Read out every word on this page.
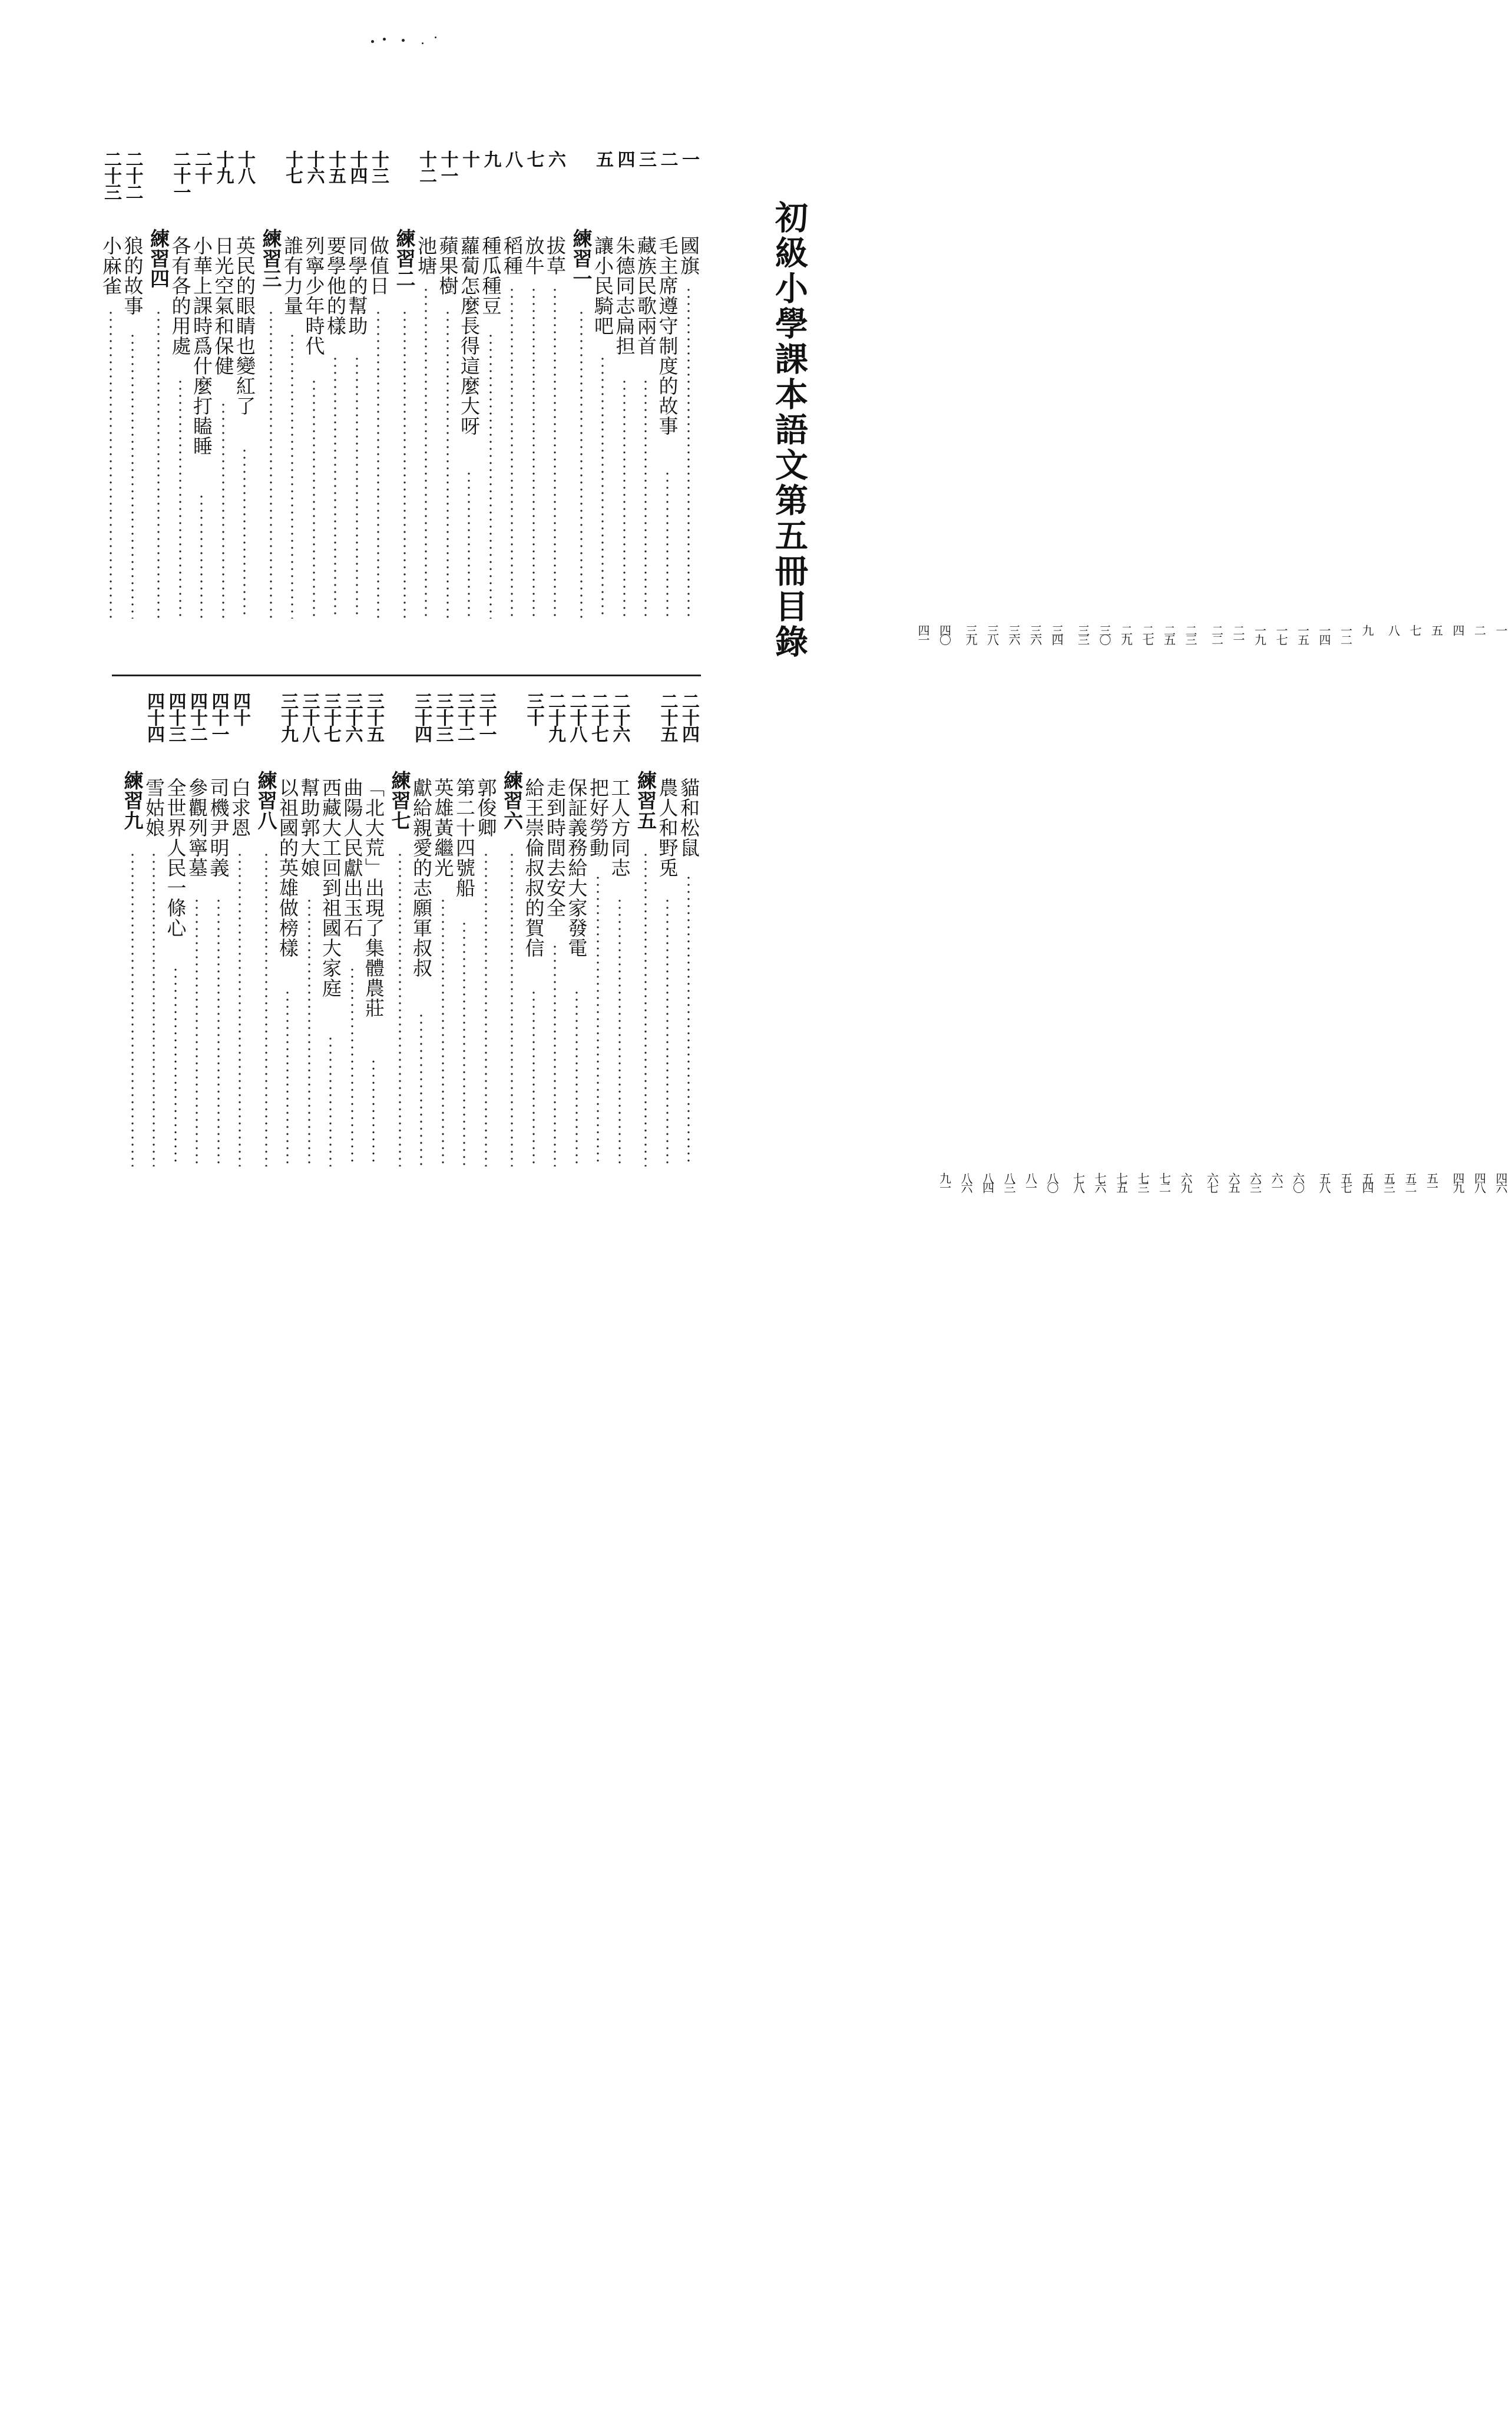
初級小學課本語文第五冊目錄
一
國旗
一
二
毛主席遵守制度的故事
二
三
藏族民歌兩首
四
四
朱德同志扁担
五
五
讓小民騎吧
七
練習一
八
六
拔草
九
七
放牛
一二
八
稻種
一四
九
種瓜種豆
一五
十
蘿蔔怎麼長得這麼大呀
一七
十一
蘋果樹
一九
十二
池塘
二一
練習二
二二
十三
做值日
二三
十四
同學的幫助
二五
十五
要學他的樣
二七
十六
列寧少年時代
二九
十七
誰有力量
三〇
練習三
三三
十八
英民的眼睛也變紅了
三四
十九
日光空氣和保健
三六
二十
小華上課時爲什麼打瞌睡
三六
二十一
各有各的用處
三八
練習四
三九
二十二
狼的故事
四〇
二十三
小麻雀
四一
二十四
貓和松鼠
四六
二十五
農人和野兎
四八
練習五
四九
二十六
工人方同志
五一
二十七
把好勞動
五二
二十八
保証義務給大家發電
五三
二十九
走到時間去安全
五四
三十
給王崇倫叔叔的賀信
五七
練習六
五八
三十一
郭俊卿
六〇
三十二
第二十四號船
六一
三十三
英雄黃繼光
六三
三十四
獻給親愛的志願軍叔叔
六五
練習七
六七
三十五
「北大荒」出現了集體農莊
六九
三十六
曲陽人民獻出玉石
七二
三十七
西藏大工回到祖國大家庭
七三
三十八
幫助郭大娘
七五
三十九
以祖國的英雄做榜樣
七六
練習八
七八
四十
白求恩
八〇
四十一
司機尹明義
八一
四十二
參觀列寧墓
八三
四十三
全世界人民一條心
八四
四十四
雪姑娘
八六
練習九
九一
